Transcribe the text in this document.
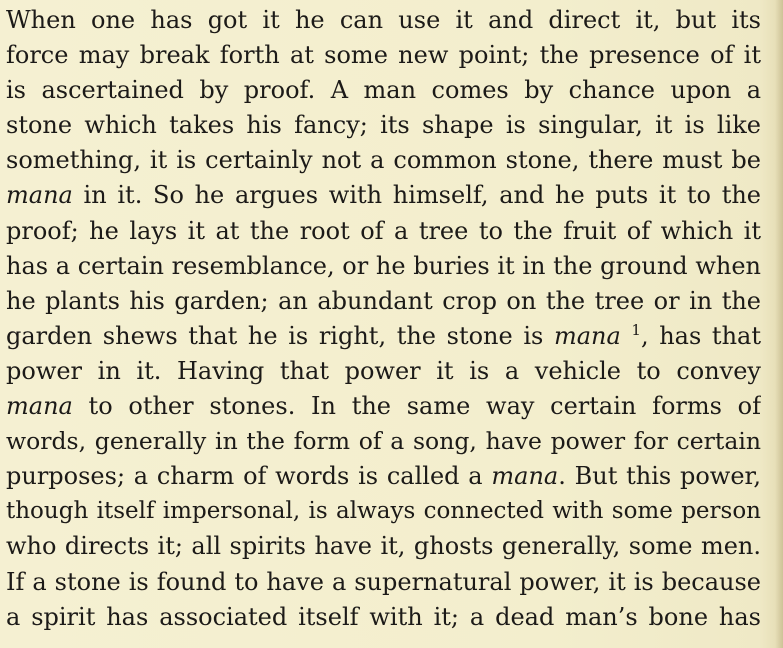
When one has got it he can use it and direct it, but its
force may break forth at some new point; the presence of it
is ascertained by proof. A man comes by chance upon a
stone which takes his fancy; its shape is singular, it is like
something, it is certainly not a common stone, there must be
mana in it. So he argues with himself, and he puts it to the
proof; he lays it at the root of a tree to the fruit of which it
has a certain resemblance, or he buries it in the ground when
he plants his garden; an abundant crop on the tree or in the
garden shews that he is right, the stone is mana $^1$, has that
power in it. Having that power it is a vehicle to convey
mana to other stones. In the same way certain forms of
words, generally in the form of a song, have power for certain
purposes; a charm of words is called a mana. But this power,
though itself impersonal, is always connected with some person
who directs it; all spirits have it, ghosts generally, some men.
If a stone is found to have a supernatural power, it is because
a spirit has associated itself with it; a dead man’s bone has
